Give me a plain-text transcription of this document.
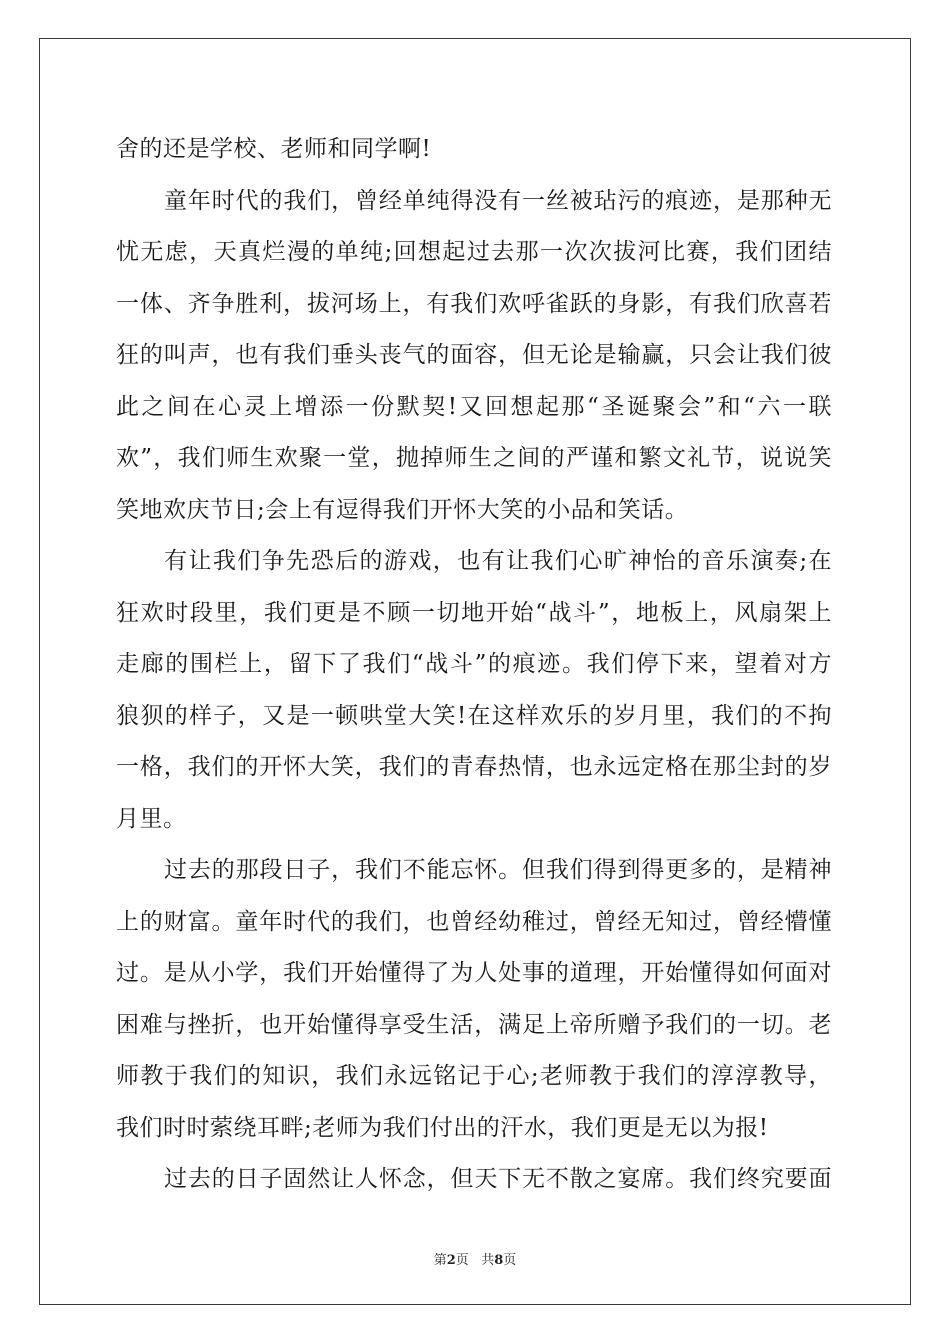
舍的还是学校、老师和同学啊!
童年时代的我们，曾经单纯得没有一丝被玷污的痕迹，是那种无
忧无虑，天真烂漫的单纯;回想起过去那一次次拔河比赛，我们团结
一体、齐争胜利，拔河场上，有我们欢呼雀跃的身影，有我们欣喜若
狂的叫声，也有我们垂头丧气的面容，但无论是输赢，只会让我们彼
此之间在心灵上增添一份默契!又回想起那“圣诞聚会”和“六一联
欢”，我们师生欢聚一堂，抛掉师生之间的严谨和繁文礼节，说说笑
笑地欢庆节日;会上有逗得我们开怀大笑的小品和笑话。
有让我们争先恐后的游戏，也有让我们心旷神怡的音乐演奏;在
狂欢时段里，我们更是不顾一切地开始“战斗”，地板上，风扇架上
走廊的围栏上，留下了我们“战斗”的痕迹。我们停下来，望着对方
狼狈的样子，又是一顿哄堂大笑!在这样欢乐的岁月里，我们的不拘
一格，我们的开怀大笑，我们的青春热情，也永远定格在那尘封的岁
月里。
过去的那段日子，我们不能忘怀。但我们得到得更多的，是精神
上的财富。童年时代的我们，也曾经幼稚过，曾经无知过，曾经懵懂
过。是从小学，我们开始懂得了为人处事的道理，开始懂得如何面对
困难与挫折，也开始懂得享受生活，满足上帝所赠予我们的一切。老
师教于我们的知识，我们永远铭记于心;老师教于我们的淳淳教导，
我们时时萦绕耳畔;老师为我们付出的汗水，我们更是无以为报!
过去的日子固然让人怀念，但天下无不散之宴席。我们终究要面
第2页 共8页
